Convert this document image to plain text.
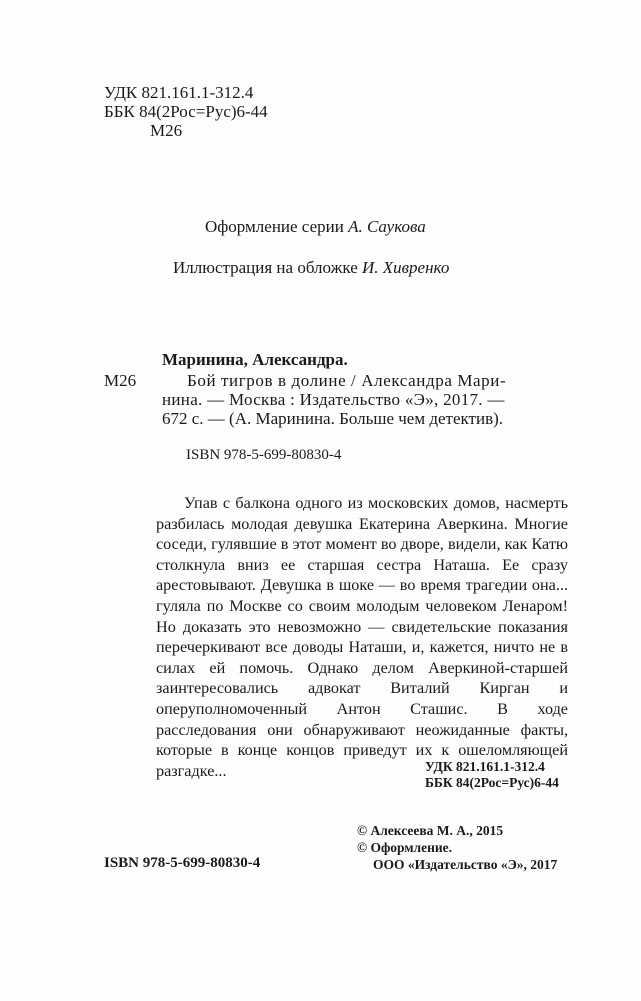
УДК 821.161.1-312.4
ББК 84(2Рос=Рус)6-44
М26
Оформление серии А. Саукова
Иллюстрация на обложке И. Хивренко
Маринина, Александра.
М26	Бой тигров в долине / Александра Мари-
нина. — Москва : Издательство «Э», 2017. —
672 с. — (А. Маринина. Больше чем детектив).
ISBN 978-5-699-80830-4

Упав с балкона одного из московских домов, насмерть разбилась молодая девушка Екатерина Аверкина. Многие соседи, гулявшие в этот момент во дворе, видели, как Катю столкнула вниз ее старшая сестра Наташа. Ее сразу арестовывают. Девушка в шоке — во время трагедии она... гуляла по Москве со своим молодым человеком Ленаром! Но доказать это невозможно — свидетельские показания перечеркивают все доводы Наташи, и, кажется, ничто не в силах ей помочь. Однако делом Аверкиной-старшей заинтересовались адвокат Виталий Кирган и оперуполномоченный Антон Сташис. В ходе расследования они обнаруживают неожиданные факты, которые в конце концов приведут их к ошеломляющей разгадке...	УДК 821.161.1-312.4
ББК 84(2Рос=Рус)6-44
© Алексеева М. А., 2015
© Оформление.
ООО «Издательство «Э», 2017
ISBN 978-5-699-80830-4
